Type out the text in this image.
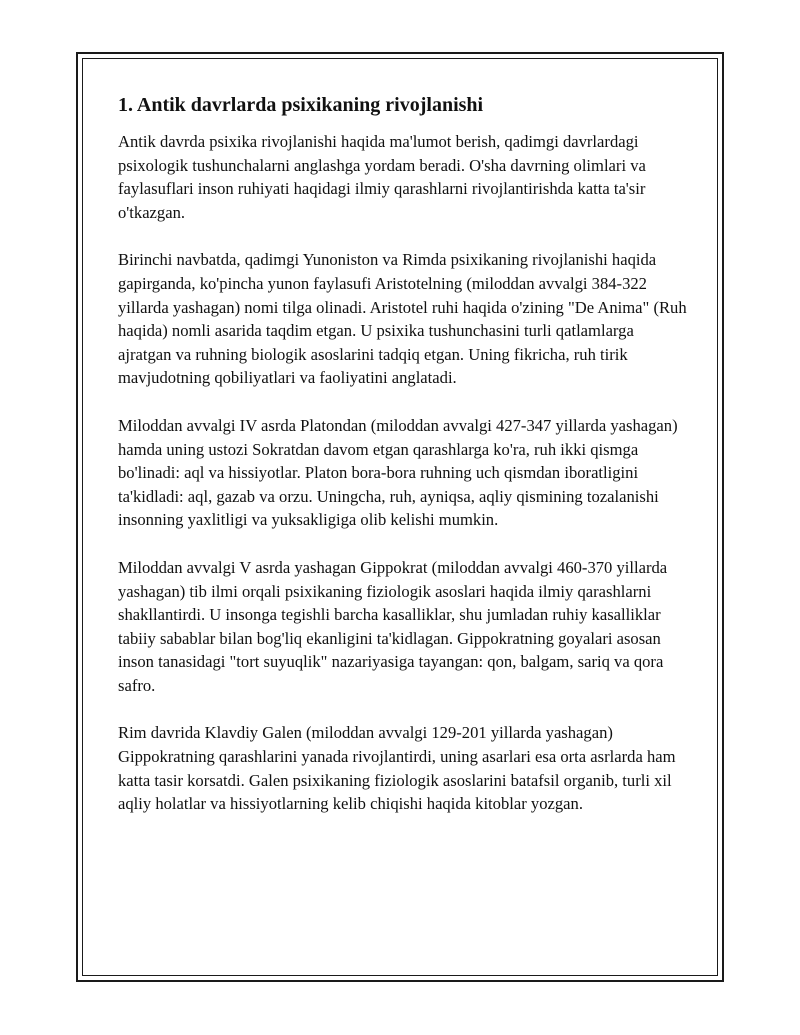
1. Antik davrlarda psixikaning rivojlanishi

Antik davrda psixika rivojlanishi haqida ma'lumot berish, qadimgi davrlardagi psixologik tushunchalarni anglashga yordam beradi. O'sha davrning olimlari va faylasuflari inson ruhiyati haqidagi ilmiy qarashlarni rivojlantirishda katta ta'sir o'tkazgan.

Birinchi navbatda, qadimgi Yunoniston va Rimda psixikaning rivojlanishi haqida gapirganda, ko'pincha yunon faylasufi Aristotelning (miloddan avvalgi 384-322 yillarda yashagan) nomi tilga olinadi. Aristotel ruhi haqida o'zining "De Anima" (Ruh haqida) nomli asarida taqdim etgan. U psixika tushunchasini turli qatlamlarga ajratgan va ruhning biologik asoslarini tadqiq etgan. Uning fikricha, ruh tirik mavjudotning qobiliyatlari va faoliyatini anglatadi.

Miloddan avvalgi IV asrda Platondan (miloddan avvalgi 427-347 yillarda yashagan) hamda uning ustozi Sokratdan davom etgan qarashlarga ko'ra, ruh ikki qismga bo'linadi: aql va hissiyotlar. Platon bora-bora ruhning uch qismdan iboratligini ta'kidladi: aql, gazab va orzu. Uningcha, ruh, ayniqsa, aqliy qismining tozalanishi insonning yaxlitligi va yuksakligiga olib kelishi mumkin.

Miloddan avvalgi V asrda yashagan Gippokrat (miloddan avvalgi 460-370 yillarda yashagan) tib ilmi orqali psixikaning fiziologik asoslari haqida ilmiy qarashlarni shakllantirdi. U insonga tegishli barcha kasalliklar, shu jumladan ruhiy kasalliklar tabiiy sabablar bilan bog'liq ekanligini ta'kidlagan. Gippokratning goyalari asosan inson tanasidagi "tort suyuqlik" nazariyasiga tayangan: qon, balgam, sariq va qora safro.

Rim davrida Klavdiy Galen (miloddan avvalgi 129-201 yillarda yashagan) Gippokratning qarashlarini yanada rivojlantirdi, uning asarlari esa orta asrlarda ham katta tasir korsatdi. Galen psixikaning fiziologik asoslarini batafsil organib, turli xil aqliy holatlar va hissiyotlarning kelib chiqishi haqida kitoblar yozgan.
